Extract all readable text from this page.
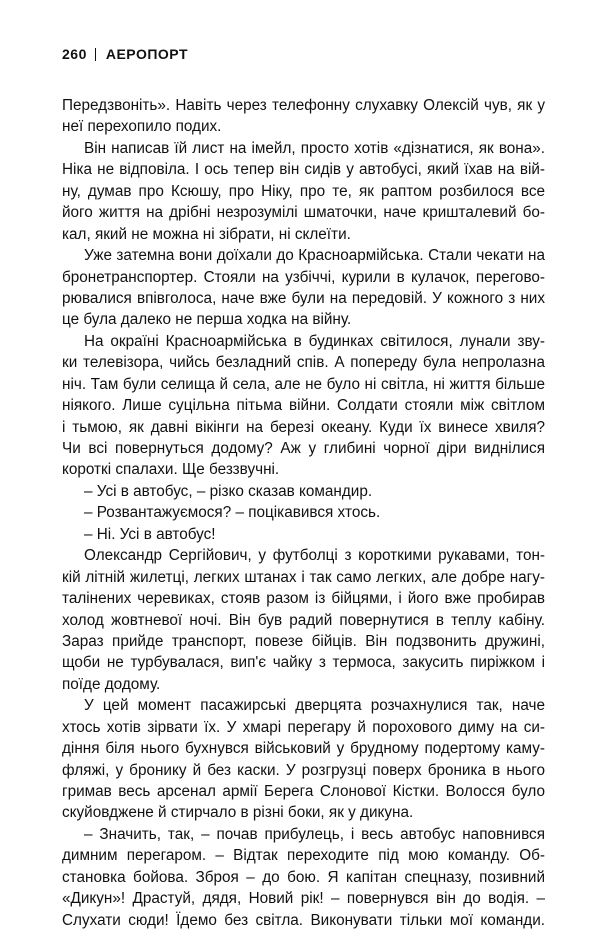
260 АЕРОПОРТ
Передзвоніть». Навіть через телефонну слухавку Олексій чув, як у
неї перехопило подих.
Він написав їй лист на імейл, просто хотів «дізнатися, як вона».
Ніка не відповіла. І ось тепер він сидів у автобусі, який їхав на вій-
ну, думав про Ксюшу, про Ніку, про те, як раптом розбилося все
його життя на дрібні незрозумілі шматочки, наче кришталевий бо-
кал, який не можна ні зібрати, ні склеїти.
Уже затемна вони доїхали до Красноармійська. Стали чекати на
бронетранспортер. Стояли на узбіччі, курили в кулачок, перегово-
рювалися впівголоса, наче вже були на передовій. У кожного з них
це була далеко не перша ходка на війну.
На окраїні Красноармійська в будинках світилося, лунали зву-
ки телевізора, чийсь безладний спів. А попереду була непролазна
ніч. Там були селища й села, але не було ні світла, ні життя більше
ніякого. Лише суцільна пітьма війни. Солдати стояли між світлом
і тьмою, як давні вікінги на березі океану. Куди їх винесе хвиля?
Чи всі повернуться додому? Аж у глибині чорної діри виднілися
короткі спалахи. Ще беззвучні.
– Усі в автобус, – різко сказав командир.
– Розвантажуємося? – поцікавився хтось.
– Ні. Усі в автобус!
Олександр Сергійович, у футболці з короткими рукавами, тон-
кій літній жилетці, легких штанах і так само легких, але добре нагу-
талінених черевиках, стояв разом із бійцями, і його вже пробирав
холод жовтневої ночі. Він був радий повернутися в теплу кабіну.
Зараз прийде транспорт, повезе бійців. Він подзвонить дружині,
щоби не турбувалася, вип'є чайку з термоса, закусить пиріжком і
поїде додому.
У цей момент пасажирські дверцята розчахнулися так, наче
хтось хотів зірвати їх. У хмарі перегару й порохового диму на си-
діння біля нього бухнувся військовий у брудному подертому каму-
фляжі, у бронику й без каски. У розгрузці поверх броника в нього
гримав весь арсенал армії Берега Слонової Кістки. Волосся було
скуйовджене й стирчало в різні боки, як у дикуна.
– Значить, так, – почав прибулець, і весь автобус наповнився
димним перегаром. – Відтак переходите під мою команду. Об-
становка бойова. Зброя – до бою. Я капітан спецназу, позивний
«Дикун»! Драстуй, дядя, Новий рік! – повернувся він до водія. –
Слухати сюди! Їдемо без світла. Виконувати тільки мої команди.
